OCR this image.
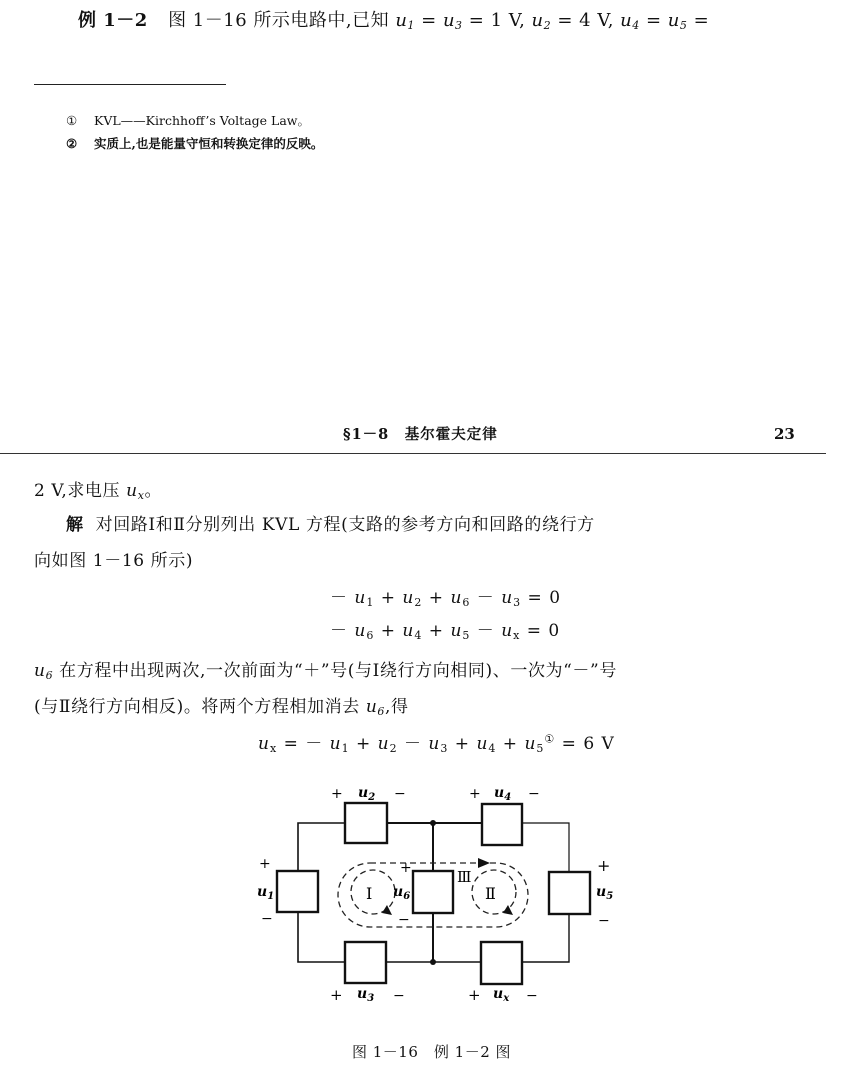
例 1－2 图 1－16 所示电路中,已知 $u_1 = u_3 = 1$ V, $u_2 = 4$ V, $u_4 = u_5$ =
① KVL——Kirchhoff’s Voltage Law。
② 实质上,也是能量守恒和转换定律的反映。
§1－8　基尔霍夫定律	23
2 V,求电压 $u_x$。
解 对回路Ⅰ和Ⅱ分别列出 KVL 方程(支路的参考方向和回路的绕行方
向如图 1－16 所示)
－ $u_1 + u_2 + u_6 - u_3 = 0$
－ $u_6 + u_4 + u_5 - u_x = 0$
$u_6$ 在方程中出现两次,一次前面为“＋”号(与Ⅰ绕行方向相同)、一次为“－”号
(与Ⅱ绕行方向相反)。将两个方程相加消去 $u_6$,得
$u_x$ = － $u_1 + u_2 - u_3 + u_4 + u_5^① = 6$ V
Ⅰ	Ⅱ
Ⅲ
+ $u_2$ −	+ $u_4$ −
+
$u_1$
−
+
$u_6$
−
+
$u_5$
−
+ $u_3$ −	+ $u_x$ −
图 1－16　例 1－2 图
